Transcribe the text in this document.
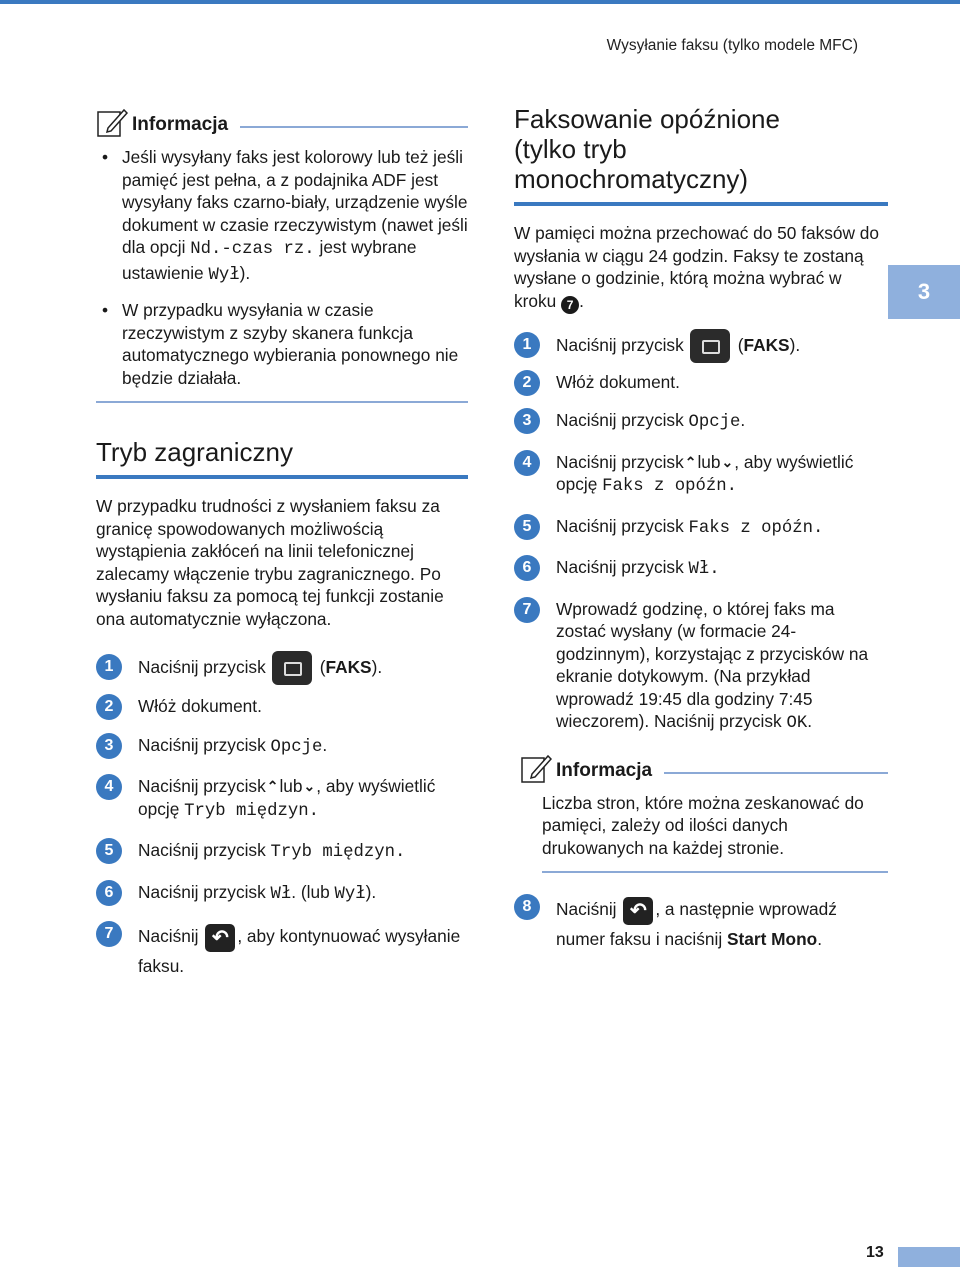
Wysyłanie faksu (tylko modele MFC)
3
Informacja
• Jeśli wysyłany faks jest kolorowy lub też jeśli pamięć jest pełna, a z podajnika ADF jest wysyłany faks czarno-biały, urządzenie wyśle dokument w czasie rzeczywistym (nawet jeśli dla opcji Nd.-czas rz. jest wybrane ustawienie Wył).
• W przypadku wysyłania w czasie rzeczywistym z szyby skanera funkcja automatycznego wybierania ponownego nie będzie działała.
Tryb zagraniczny
W przypadku trudności z wysłaniem faksu za granicę spowodowanych możliwością wystąpienia zakłóceń na linii telefonicznej zalecamy włączenie trybu zagranicznego. Po wysłaniu faksu za pomocą tej funkcji zostanie ona automatycznie wyłączona.
1	Naciśnij przycisk	(FAKS).
2	Włóż dokument.
3	Naciśnij przycisk Opcje.
4	Naciśnij przycisk⌃lub⌄, aby wyświetlić opcję Tryb międzyn.
5	Naciśnij przycisk Tryb międzyn.
6	Naciśnij przycisk Wł. (lub Wył).
7	Naciśnij ↶ , aby kontynuować wysyłanie faksu.
Faksowanie opóźnione
(tylko tryb
monochromatyczny)
W pamięci można przechować do 50 faksów do wysłania w ciągu 24 godzin. Faksy te zostaną wysłane o godzinie, którą można wybrać w kroku 7 .
1	Naciśnij przycisk	(FAKS).
2	Włóż dokument.
3	Naciśnij przycisk Opcje.
4	Naciśnij przycisk⌃lub⌄, aby wyświetlić opcję Faks z opóźn.
5	Naciśnij przycisk Faks z opóźn.
6	Naciśnij przycisk Wł.
7	Wprowadź godzinę, o której faks ma zostać wysłany (w formacie 24-godzinnym), korzystając z przycisków na ekranie dotykowym. (Na przykład wprowadź 19:45 dla godziny 7:45 wieczorem). Naciśnij przycisk OK.
Informacja
Liczba stron, które można zeskanować do pamięci, zależy od ilości danych drukowanych na każdej stronie.
8	Naciśnij ↶ , a następnie wprowadź numer faksu i naciśnij Start Mono.
13
